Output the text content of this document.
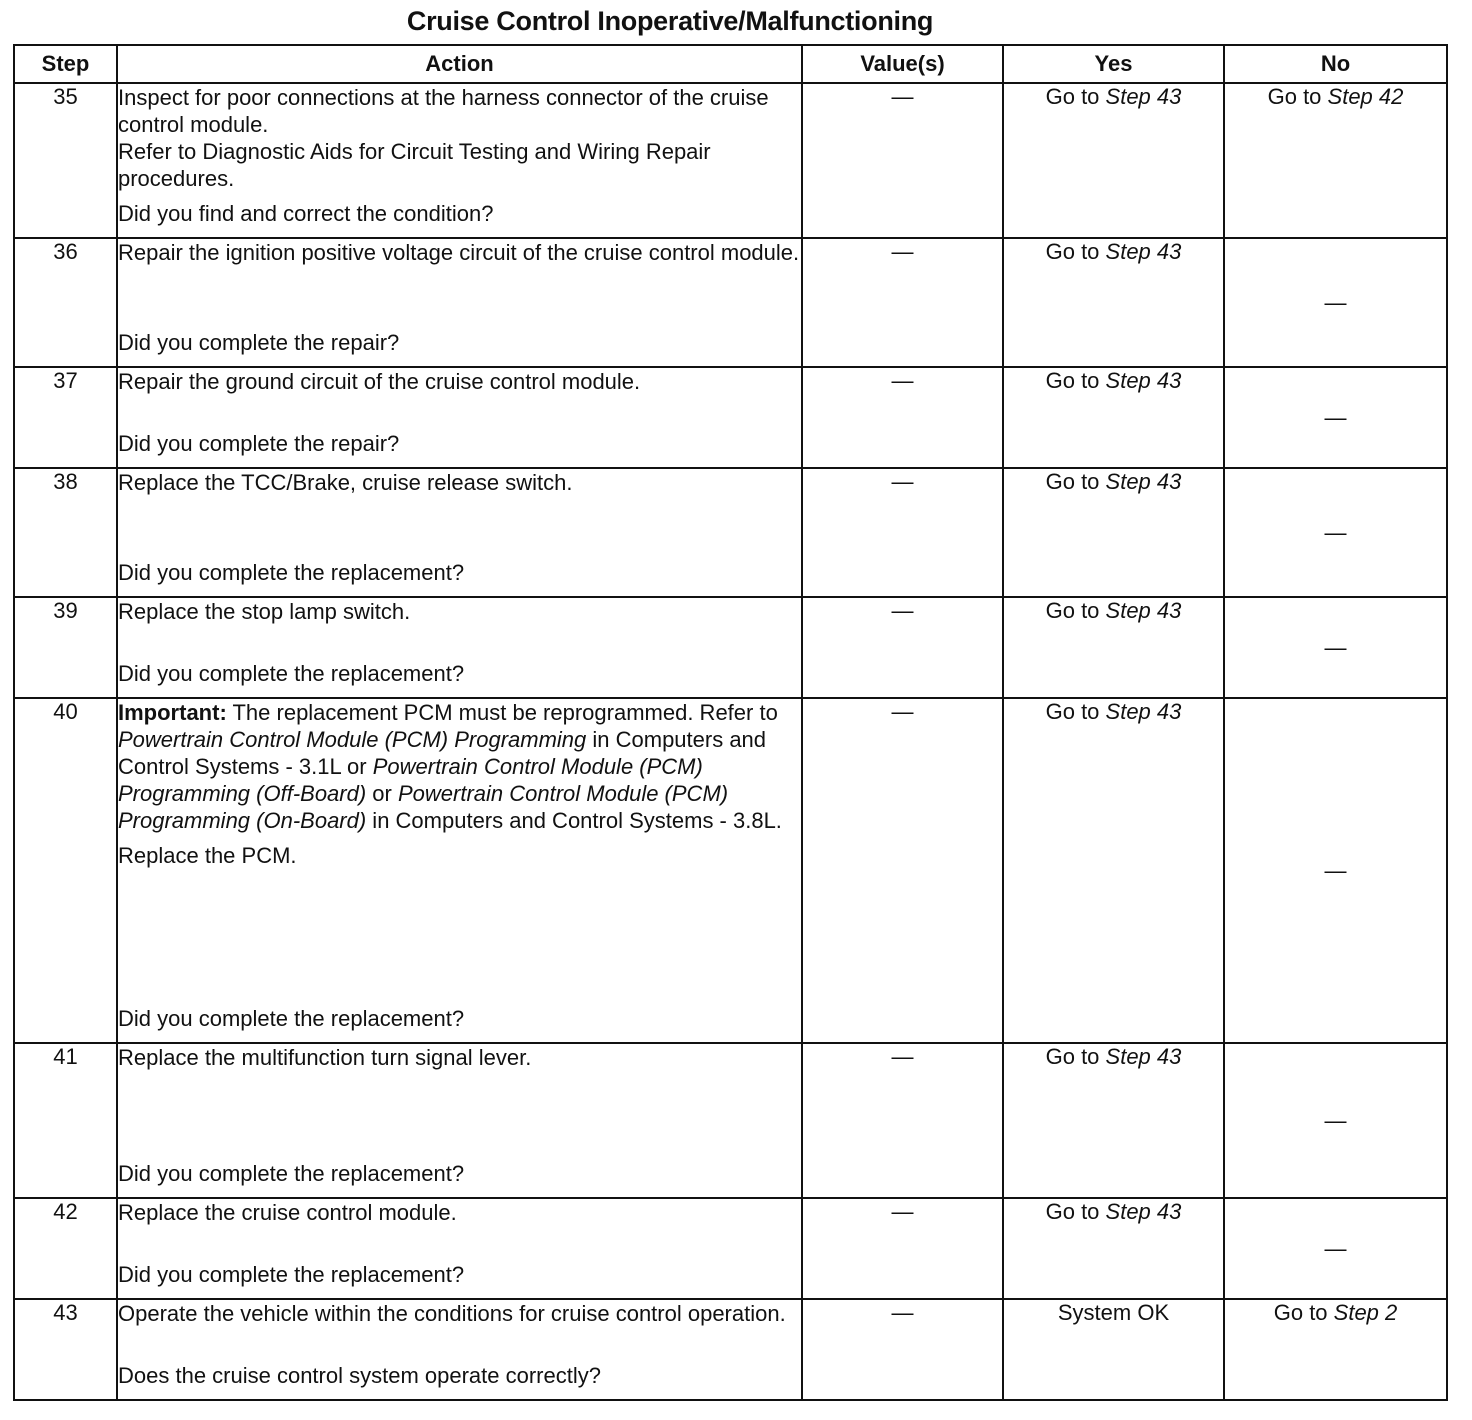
Cruise Control Inoperative/Malfunctioning
Step	Action	Value(s)	Yes	No
35	Inspect for poor connections at the harness connector of the cruise control module.

Refer to Diagnostic Aids for Circuit Testing and Wiring Repair procedures.

Did you find and correct the condition?	—	Go to Step 43	Go to Step 42
36	Repair the ignition positive voltage circuit of the cruise control module.

Did you complete the repair?	—	Go to Step 43	—
37	Repair the ground circuit of the cruise control module.

Did you complete the repair?	—	Go to Step 43	—
38	Replace the TCC/Brake, cruise release switch.

Did you complete the replacement?	—	Go to Step 43	—
39	Replace the stop lamp switch.

Did you complete the replacement?	—	Go to Step 43	—
40	Important: The replacement PCM must be reprogrammed. Refer to Powertrain Control Module (PCM) Programming in Computers and Control Systems - 3.1L or Powertrain Control Module (PCM) Programming (Off-Board) or Powertrain Control Module (PCM) Programming (On-Board) in Computers and Control Systems - 3.8L.

Replace the PCM.

Did you complete the replacement?	—	Go to Step 43	—
41	Replace the multifunction turn signal lever.

Did you complete the replacement?	—	Go to Step 43	—
42	Replace the cruise control module.

Did you complete the replacement?	—	Go to Step 43	—
43	Operate the vehicle within the conditions for cruise control operation.

Does the cruise control system operate correctly?	—	System OK	Go to Step 2
